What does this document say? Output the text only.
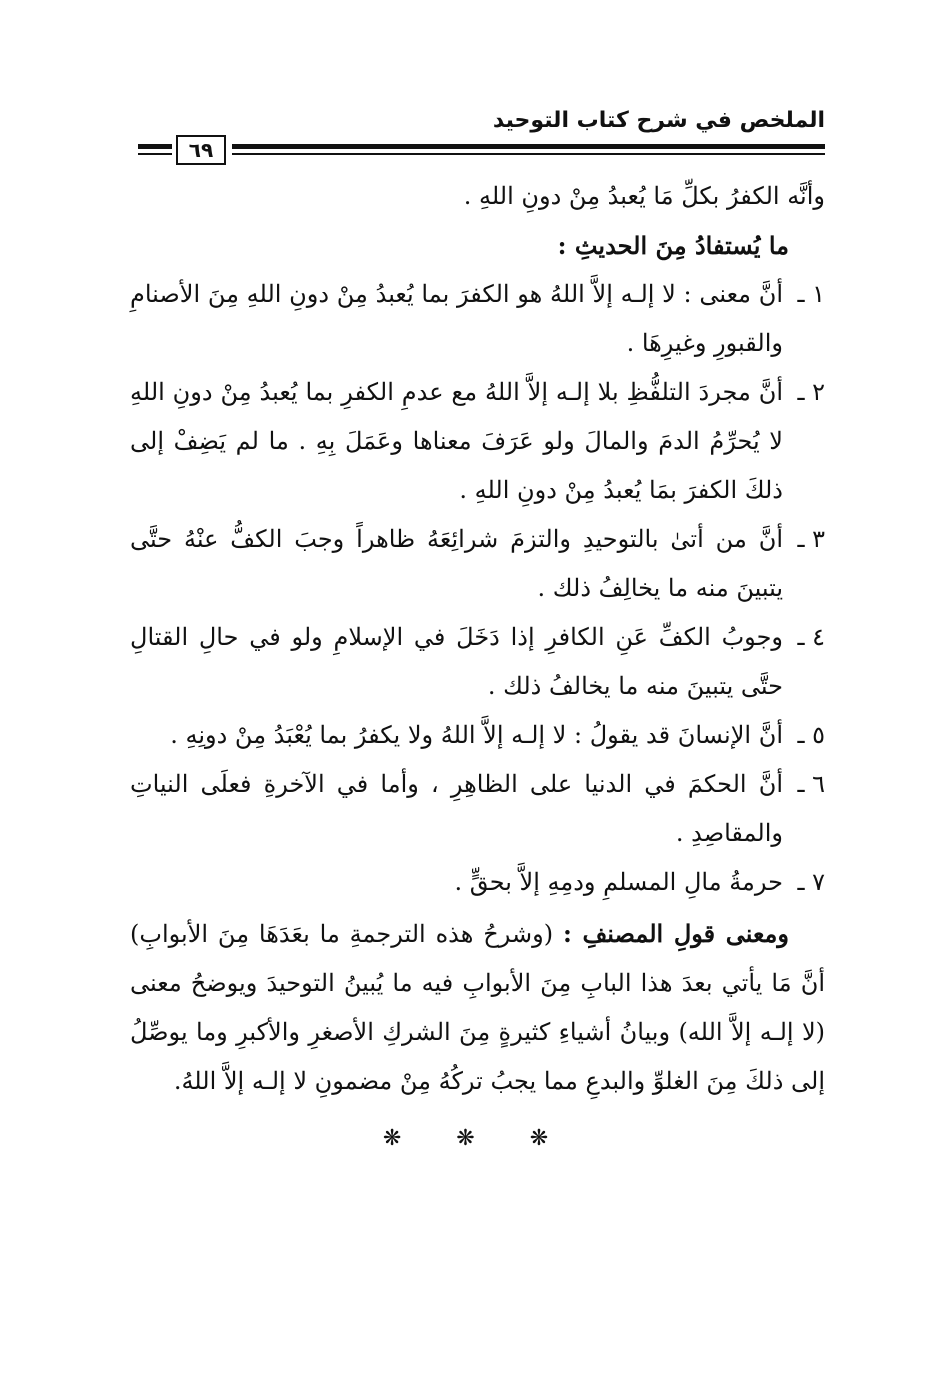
الملخص في شرح كتاب التوحيد
٦٩

وأنَّه الكفرُ بكلِّ مَا يُعبدُ مِنْ دونِ اللهِ .

ما يُستفادُ مِنَ الحديثِ :

١ ـ

أنَّ معنى : لا إلـه إلاَّ اللهُ هو الكفرَ بما يُعبدُ مِنْ دونِ اللهِ مِنَ الأصنامِ والقبورِ وغيرِهَا .

٢ ـ

أنَّ مجردَ التلفُّظِ بلا إلـه إلاَّ اللهُ مع عدمِ الكفرِ بما يُعبدُ مِنْ دونِ اللهِ لا يُحرِّمُ الدمَ والمالَ ولو عَرَفَ معناها وعَمَلَ بِهِ . ما لم يَضِفْ إلى ذلكَ الكفرَ بمَا يُعبدُ مِنْ دونِ اللهِ .

٣ ـ

أنَّ من أتىٰ بالتوحيدِ والتزمَ شرائِعَهُ ظاهراً وجبَ الكفُّ عنْهُ حتَّى يتبينَ منه ما يخالِفُ ذلك .

٤ ـ

وجوبُ الكفِّ عَنِ الكافرِ إذا دَخَلَ في الإسلامِ ولو في حالِ القتالِ حتَّى يتبينَ منه ما يخالفُ ذلك .

٥ ـ

أنَّ الإنسانَ قد يقولُ : لا إلـه إلاَّ اللهُ ولا يكفرُ بما يُعْبَدُ مِنْ دونِهِ .

٦ ـ

أنَّ الحكمَ في الدنيا على الظاهِرِ ، وأما في الآخرةِ فعلَى النياتِ والمقاصِدِ .

٧ ـ

حرمةُ مالِ المسلمِ ودمِهِ إلاَّ بحقٍّ .

ومعنى قولِ المصنفِ : (وشرحُ هذه الترجمةِ ما بعَدَهَا مِنَ الأبوابِ) أنَّ مَا يأتي بعدَ هذا البابِ مِنَ الأبوابِ فيه ما يُبينُ التوحيدَ ويوضحُ معنى (لا إلـه إلاَّ الله) وبيانُ أشياءِ كثيرةٍ مِنَ الشركِ الأصغرِ والأكبرِ وما يوصِّلُ إلى ذلكَ مِنَ الغلوِّ والبدعِ مما يجبُ تركُهُ مِنْ مضمونِ لا إلـه إلاَّ اللهُ.

❋ ❋ ❋
